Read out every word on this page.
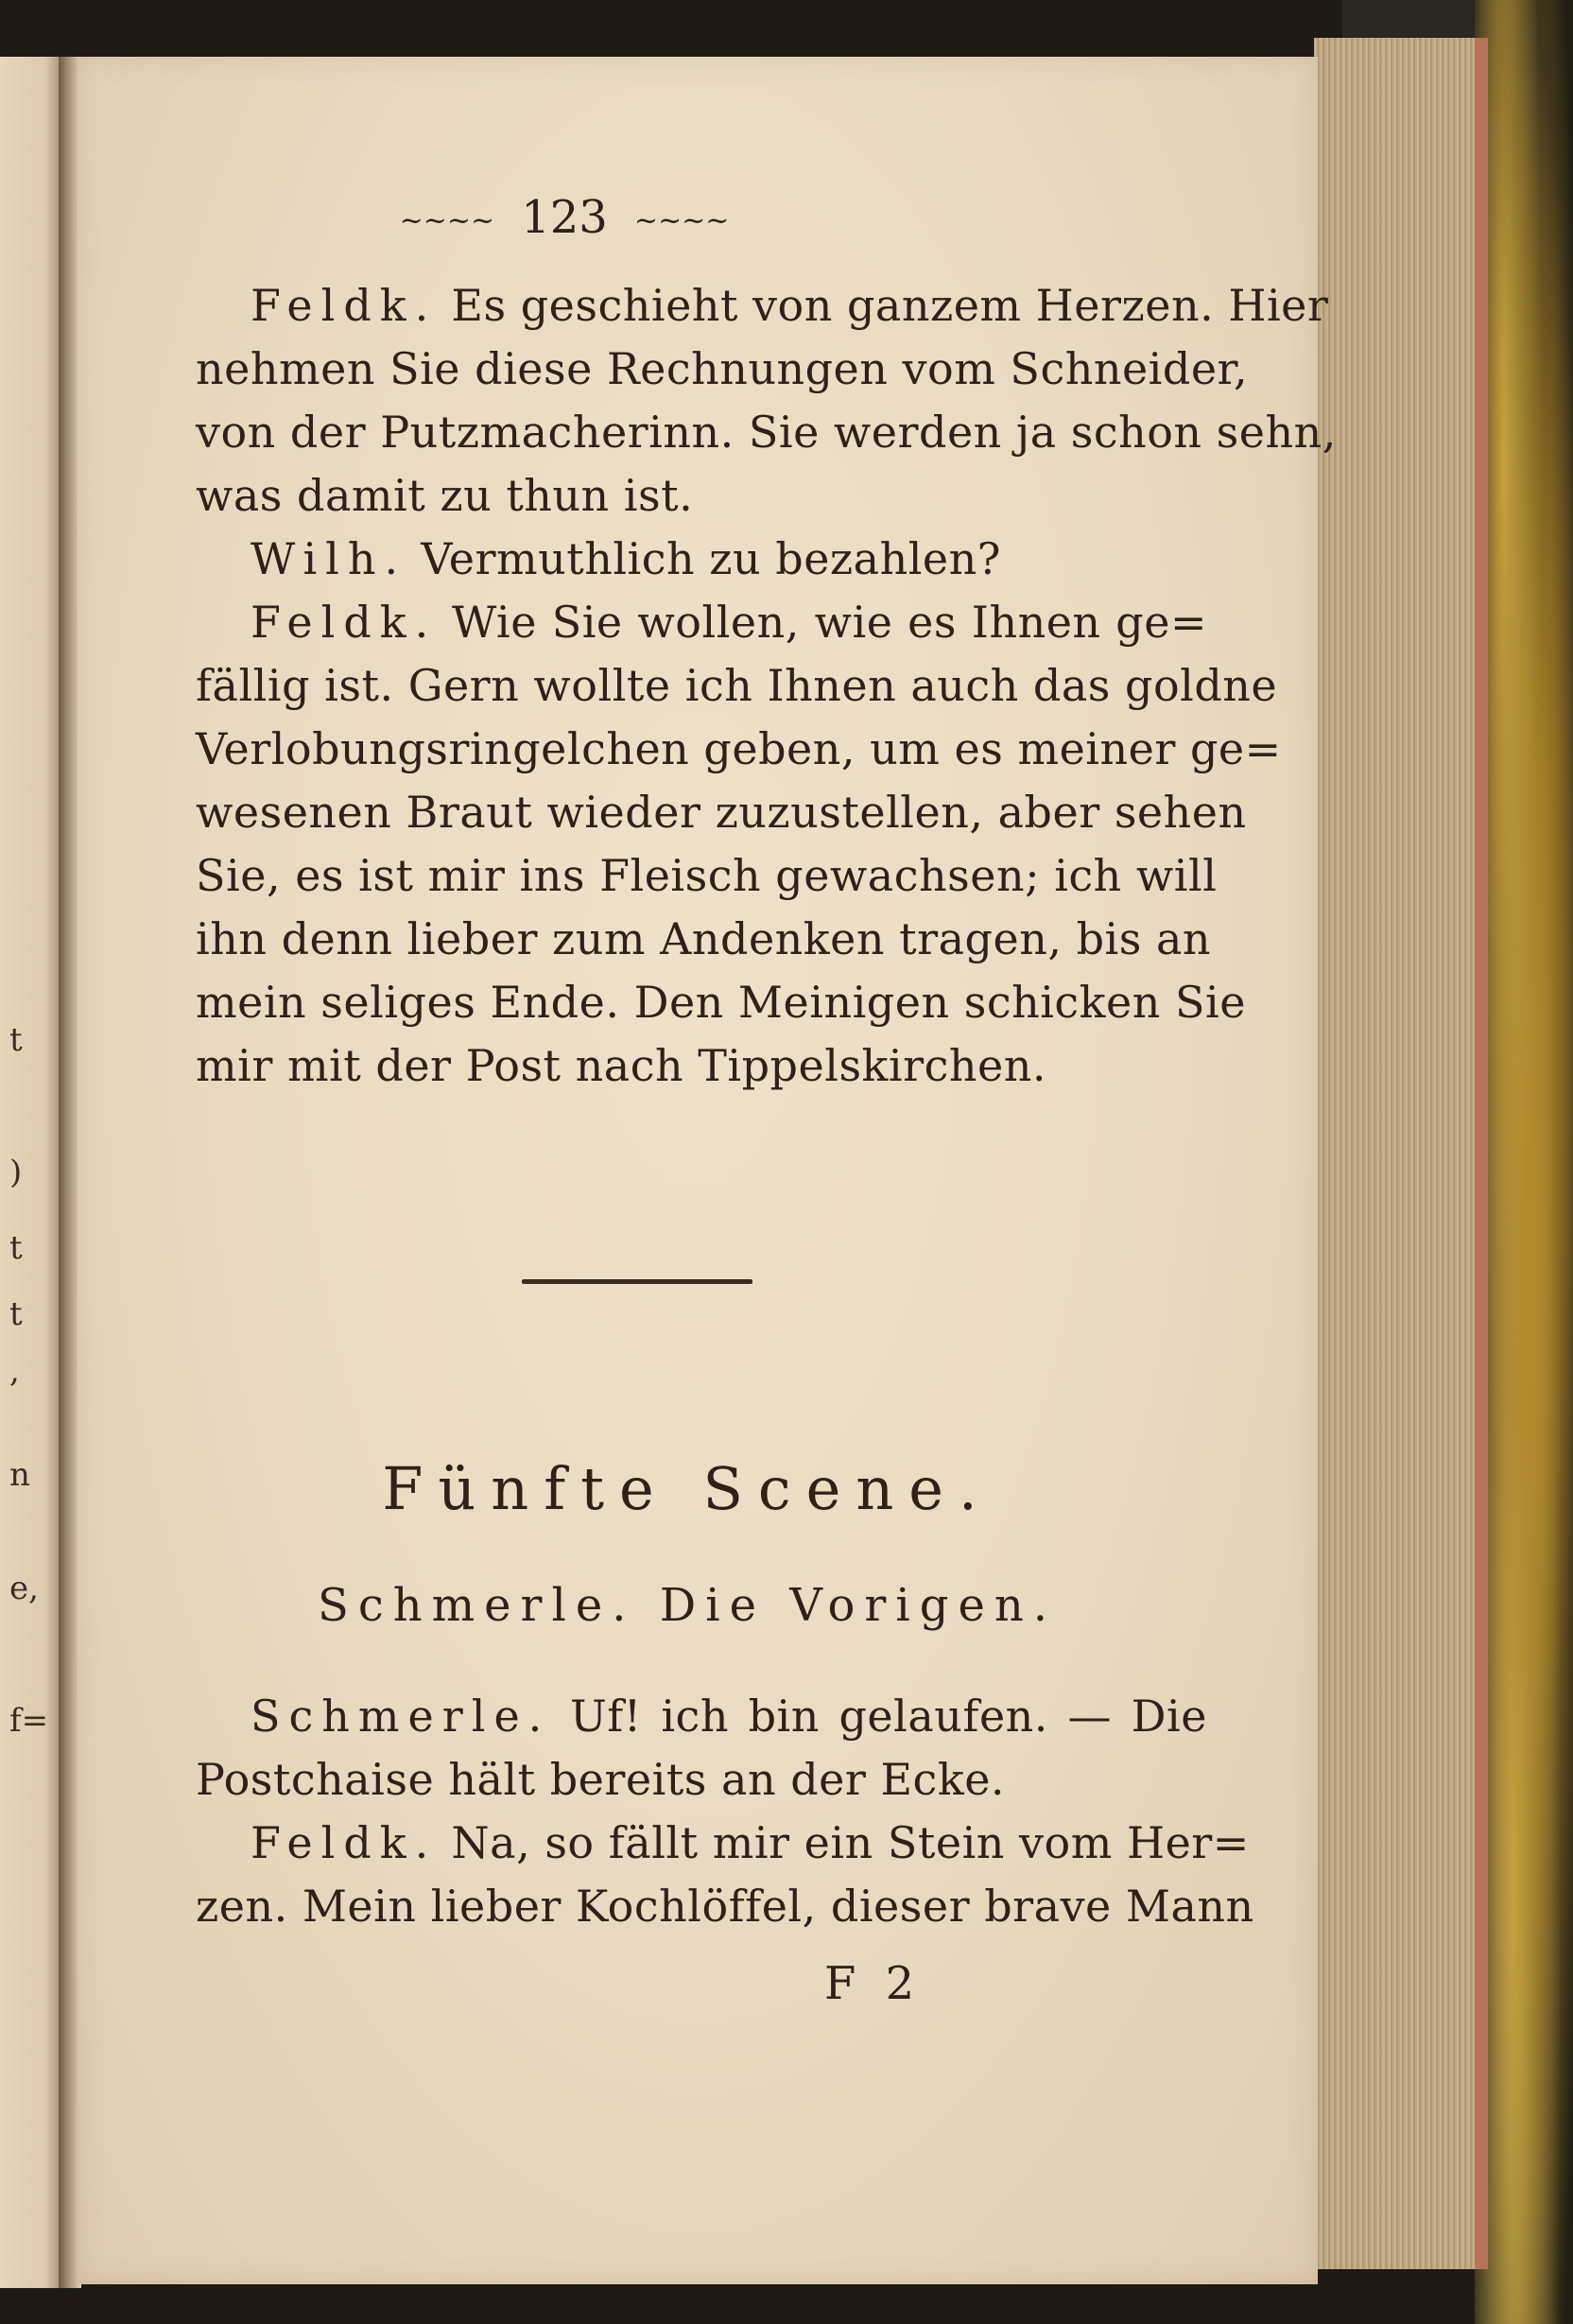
t
)
t
t
,
n
e,
f=
~~~~ 123 ~~~~
Feldk. Es geschieht von ganzem Herzen. Hier
nehmen Sie diese Rechnungen vom Schneider,
von der Putzmacherinn. Sie werden ja schon sehn,
was damit zu thun ist.
Wilh. Vermuthlich zu bezahlen?
Feldk. Wie Sie wollen, wie es Ihnen ge=
fällig ist. Gern wollte ich Ihnen auch das goldne
Verlobungsringelchen geben, um es meiner ge=
wesenen Braut wieder zuzustellen, aber sehen
Sie, es ist mir ins Fleisch gewachsen; ich will
ihn denn lieber zum Andenken tragen, bis an
mein seliges Ende. Den Meinigen schicken Sie
mir mit der Post nach Tippelskirchen.
Fünfte Scene.
Schmerle. Die Vorigen.
Schmerle. Uf! ich bin gelaufen. — Die
Postchaise hält bereits an der Ecke.
Feldk. Na, so fällt mir ein Stein vom Her=
zen. Mein lieber Kochlöffel, dieser brave Mann
F 2
